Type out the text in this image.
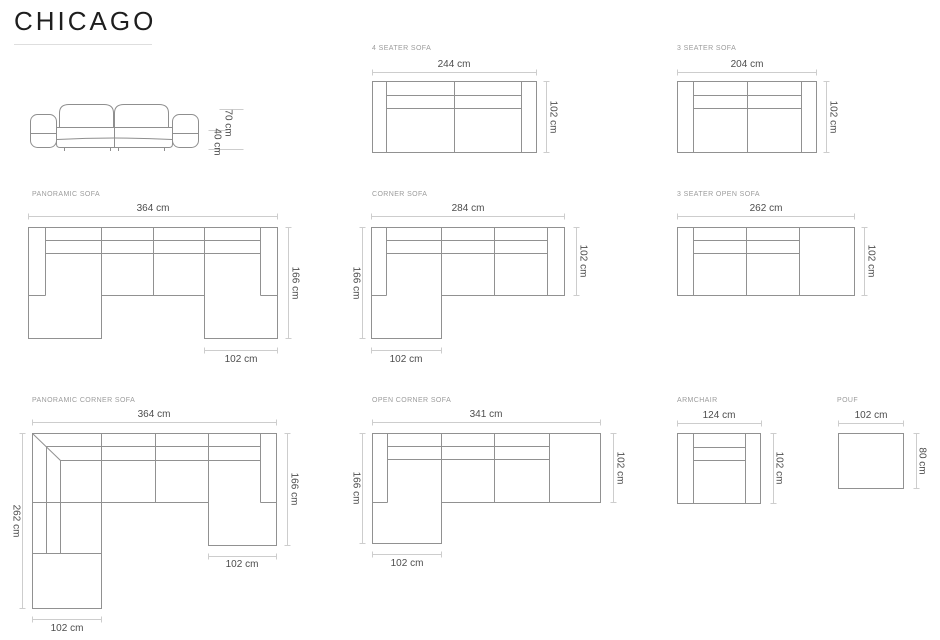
CHICAGO
70 cm
40 cm
4 SEATER SOFA
244 cm
102 cm
3 SEATER SOFA
204 cm
102 cm
PANORAMIC SOFA
364 cm
166 cm
102 cm
CORNER SOFA
284 cm
102 cm
166 cm
102 cm
3 SEATER OPEN SOFA
262 cm
102 cm
PANORAMIC CORNER SOFA
364 cm
262 cm
166 cm
102 cm
102 cm
OPEN CORNER SOFA
341 cm
166 cm
102 cm
102 cm
ARMCHAIR
124 cm
102 cm
POUF
102 cm
80 cm
